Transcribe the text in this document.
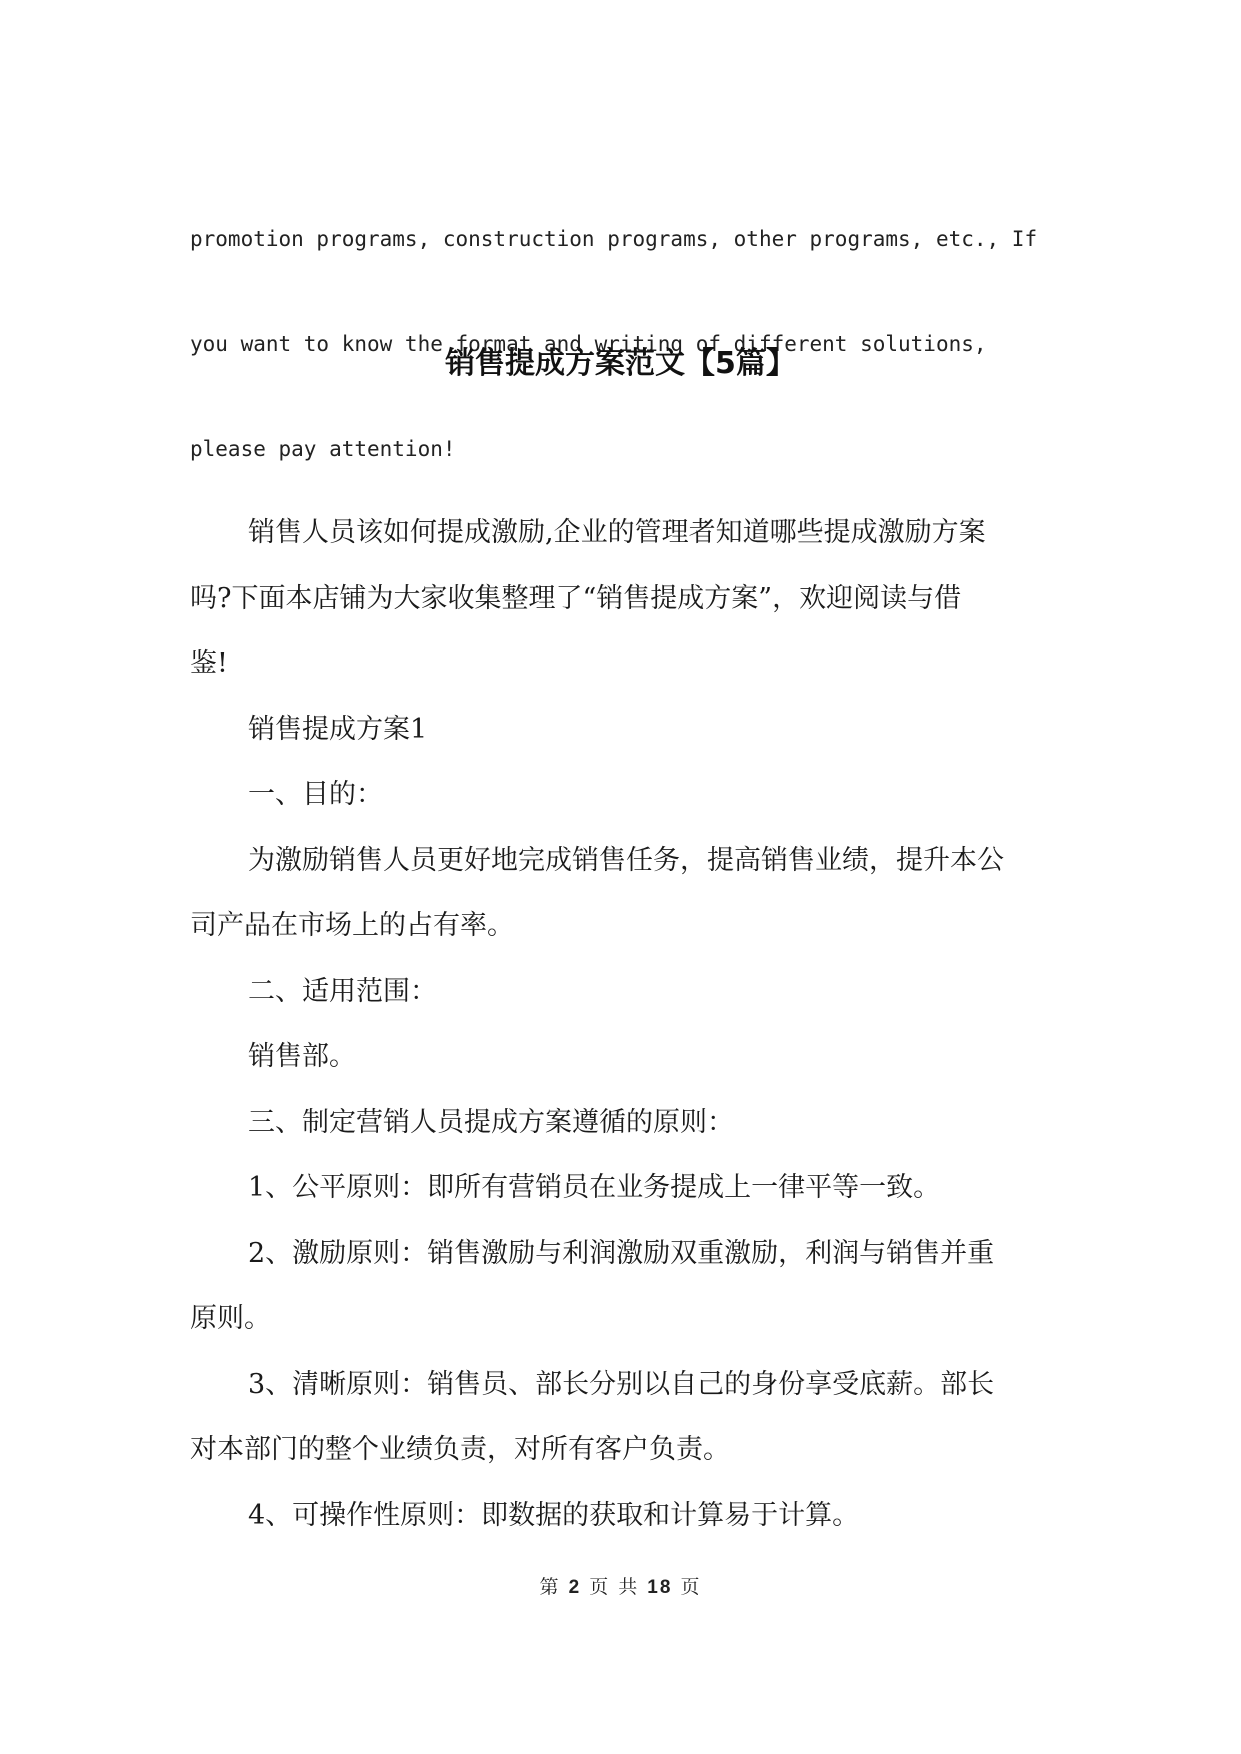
promotion programs, construction programs, other programs, etc., If

you want to know the format and writing of different solutions,

please pay attention!

销售提成方案范文【5篇】
销售人员该如何提成激励,企业的管理者知道哪些提成激励方案
吗?下面本店铺为大家收集整理了“销售提成方案”，欢迎阅读与借
鉴!
销售提成方案1
一、目的：
为激励销售人员更好地完成销售任务，提高销售业绩，提升本公
司产品在市场上的占有率。
二、适用范围：
销售部。
三、制定营销人员提成方案遵循的原则：
1、公平原则：即所有营销员在业务提成上一律平等一致。
2、激励原则：销售激励与利润激励双重激励，利润与销售并重
原则。
3、清晰原则：销售员、部长分别以自己的身份享受底薪。部长
对本部门的整个业绩负责，对所有客户负责。
4、可操作性原则：即数据的获取和计算易于计算。
第 2 页 共 18 页
